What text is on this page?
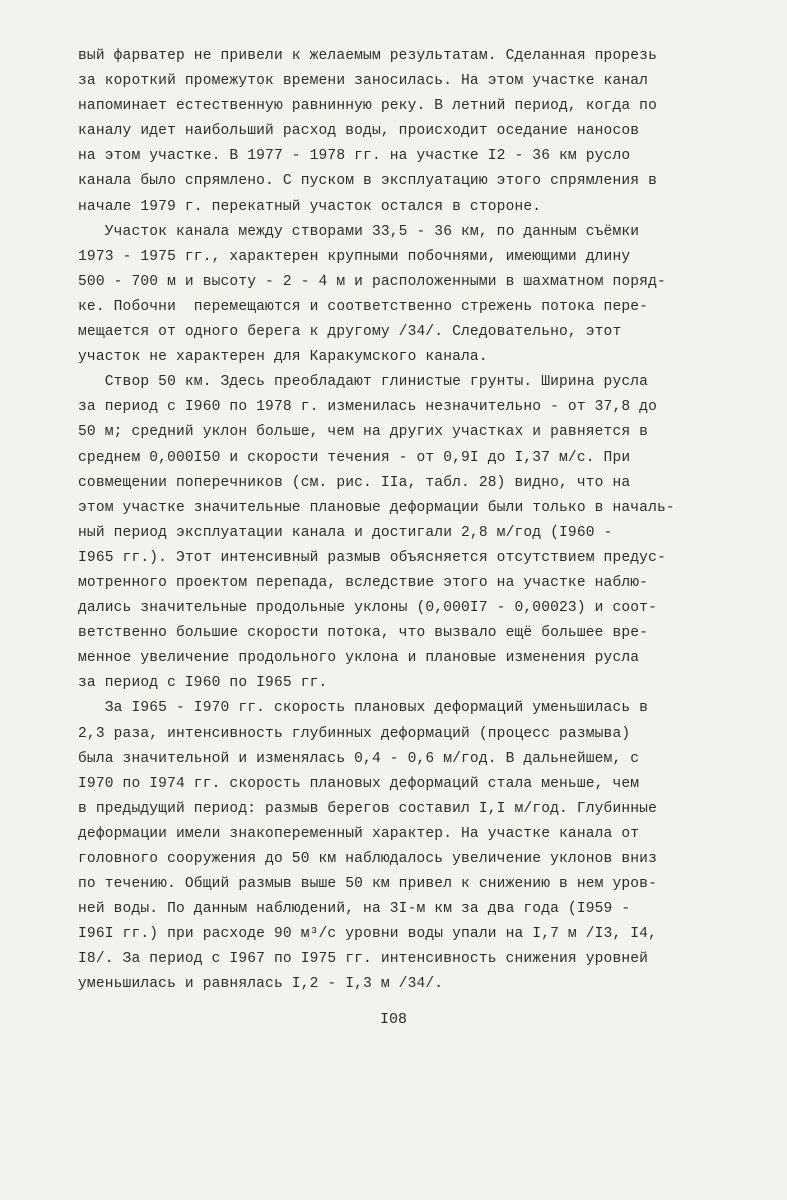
вый фарватер не привели к желаемым результатам. Сделанная прорезь
за короткий промежуток времени заносилась. На этом участке канал
напоминает естественную равнинную реку. В летний период, когда по
каналу идет наибольший расход воды, происходит оседание наносов
на этом участке. В 1977 - 1978 гг. на участке I2 - 36 км русло
канала было спрямлено. С пуском в эксплуатацию этого спрямления в
начале 1979 г. перекатный участок остался в стороне.
Участок канала между створами 33,5 - 36 км, по данным съёмки
1973 - 1975 гг., характерен крупными побочнями, имеющими длину
500 - 700 м и высоту - 2 - 4 м и расположенными в шахматном поряд-
ке. Побочни  перемещаются и соответственно стрежень потока пере-
мещается от одного берега к другому /34/. Следовательно, этот
участок не характерен для Каракумского канала.
Створ 50 км. Здесь преобладают глинистые грунты. Ширина русла
за период с I960 по 1978 г. изменилась незначительно - от 37,8 до
50 м; средний уклон больше, чем на других участках и равняется в
среднем 0,000I50 и скорости течения - от 0,9I до I,37 м/с. При
совмещении поперечников (см. рис. IIа, табл. 28) видно, что на
этом участке значительные плановые деформации были только в началь-
ный период эксплуатации канала и достигали 2,8 м/год (I960 -
I965 гг.). Этот интенсивный размыв объясняется отсутствием предус-
мотренного проектом перепада, вследствие этого на участке наблю-
дались значительные продольные уклоны (0,000I7 - 0,00023) и соот-
ветственно большие скорости потока, что вызвало ещё большее вре-
менное увеличение продольного уклона и плановые изменения русла
за период с I960 по I965 гг.
За I965 - I970 гг. скорость плановых деформаций уменьшилась в
2,3 раза, интенсивность глубинных деформаций (процесс размыва)
была значительной и изменялась 0,4 - 0,6 м/год. В дальнейшем, с
I970 по I974 гг. скорость плановых деформаций стала меньше, чем
в предыдущий период: размыв берегов составил I,I м/год. Глубинные
деформации имели знакопеременный характер. На участке канала от
головного сооружения до 50 км наблюдалось увеличение уклонов вниз
по течению. Общий размыв выше 50 км привел к снижению в нем уров-
ней воды. По данным наблюдений, на 3I-м км за два года (I959 -
I96I гг.) при расходе 90 м³/с уровни воды упали на I,7 м /I3, I4,
I8/. За период с I967 по I975 гг. интенсивность снижения уровней
уменьшилась и равнялась I,2 - I,3 м /34/.
I08
